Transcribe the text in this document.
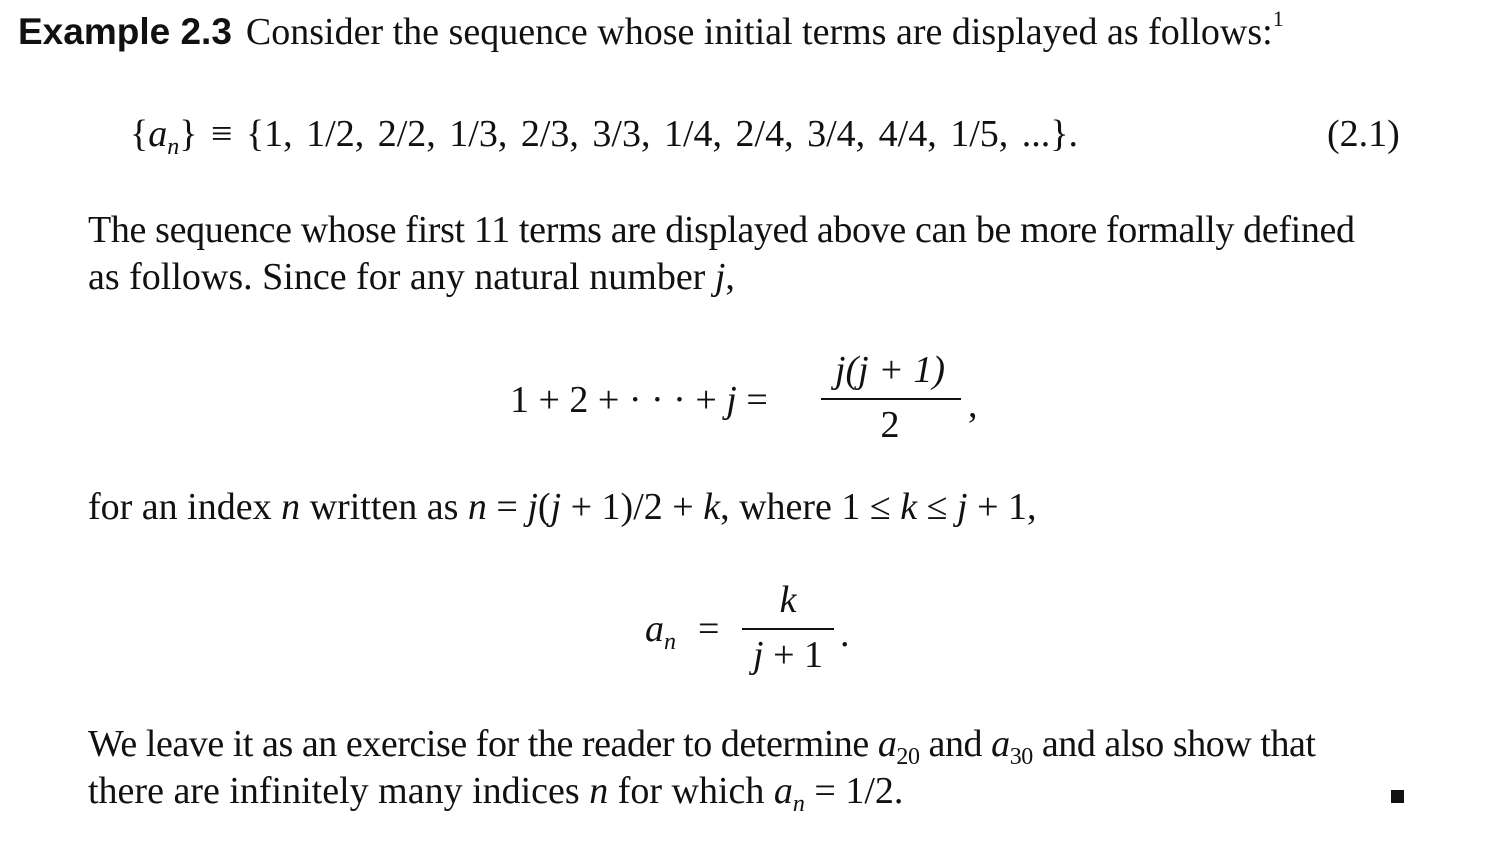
Example 2.3 Consider the sequence whose initial terms are displayed as follows:$^1$
$\{a_n\} \equiv \{1$, 1/2, 2/2, 1/3, 2/3, 3/3, 1/4, 2/4, 3/4, 4/4, 1/5, ...}.	(2.1)
The sequence whose first 11 terms are displayed above can be more formally defined
as follows. Since for any natural number j,
1 + 2 + · · · + j =
j(j + 1)
2	,
for an index n written as n = j(j + 1)/2 + k, where 1 ≤ k ≤ j + 1,
$a_n$ =
k
j + 1 .
We leave it as an exercise for the reader to determine $a_{20}$ and $a_{30}$ and also show that
there are infinitely many indices n for which $a_n = 1/2$.
